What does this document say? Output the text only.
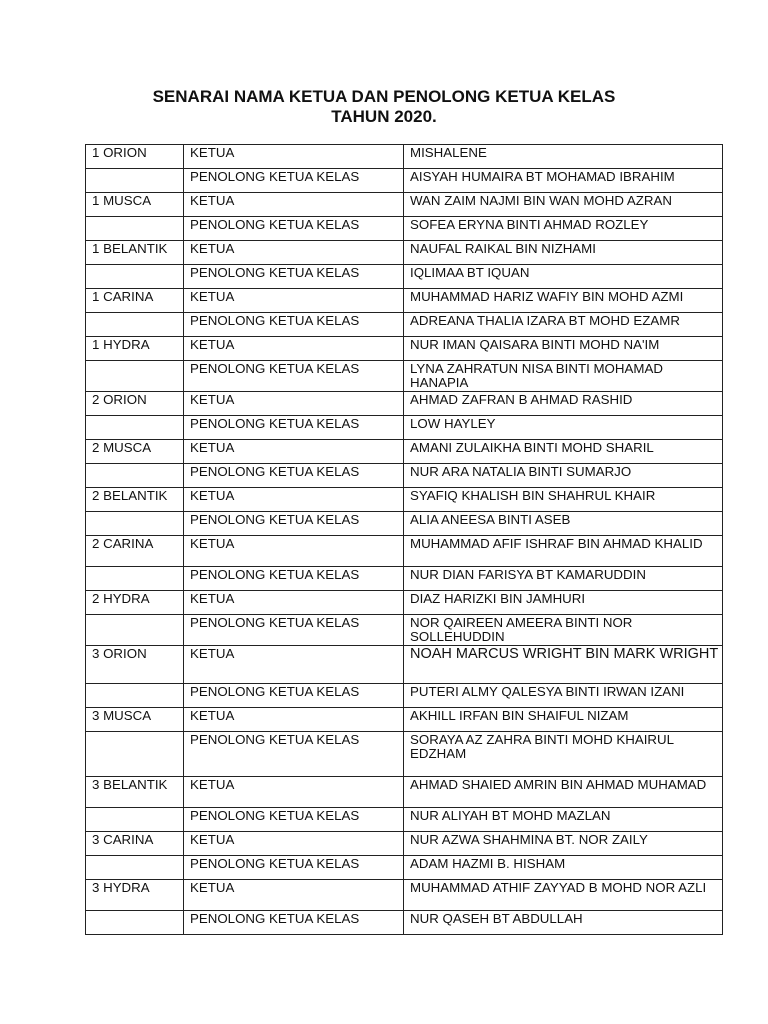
SENARAI NAMA KETUA DAN PENOLONG KETUA KELAS
TAHUN 2020.
1 ORION	KETUA	MISHALENE
	PENOLONG KETUA KELAS	AISYAH HUMAIRA BT MOHAMAD IBRAHIM
1 MUSCA	KETUA	WAN ZAIM NAJMI BIN WAN MOHD AZRAN
	PENOLONG KETUA KELAS	SOFEA ERYNA BINTI AHMAD ROZLEY
1 BELANTIK	KETUA	NAUFAL RAIKAL BIN NIZHAMI
	PENOLONG KETUA KELAS	IQLIMAA BT IQUAN
1 CARINA	KETUA	MUHAMMAD HARIZ WAFIY BIN MOHD AZMI
	PENOLONG KETUA KELAS	ADREANA THALIA IZARA BT MOHD EZAMR
1 HYDRA	KETUA	NUR IMAN QAISARA BINTI MOHD NA'IM
	PENOLONG KETUA KELAS	LYNA ZAHRATUN NISA BINTI MOHAMAD HANAPIA
2 ORION	KETUA	AHMAD ZAFRAN B AHMAD RASHID
	PENOLONG KETUA KELAS	LOW HAYLEY
2 MUSCA	KETUA	AMANI ZULAIKHA BINTI MOHD SHARIL
	PENOLONG KETUA KELAS	NUR ARA NATALIA BINTI SUMARJO
2 BELANTIK	KETUA	SYAFIQ KHALISH BIN SHAHRUL KHAIR
	PENOLONG KETUA KELAS	ALIA ANEESA BINTI ASEB
2 CARINA	KETUA	MUHAMMAD AFIF ISHRAF BIN AHMAD KHALID
	PENOLONG KETUA KELAS	NUR DIAN FARISYA BT KAMARUDDIN
2 HYDRA	KETUA	DIAZ HARIZKI BIN JAMHURI
	PENOLONG KETUA KELAS	NOR QAIREEN AMEERA BINTI NOR SOLLEHUDDIN
3 ORION	KETUA	NOAH MARCUS WRIGHT BIN MARK WRIGHT
	PENOLONG KETUA KELAS	PUTERI ALMY QALESYA BINTI IRWAN IZANI
3 MUSCA	KETUA	AKHILL IRFAN BIN SHAIFUL NIZAM
	PENOLONG KETUA KELAS	SORAYA AZ ZAHRA BINTI MOHD KHAIRUL EDZHAM
3 BELANTIK	KETUA	AHMAD SHAIED AMRIN BIN AHMAD MUHAMAD
	PENOLONG KETUA KELAS	NUR ALIYAH BT MOHD MAZLAN
3 CARINA	KETUA	NUR AZWA SHAHMINA BT. NOR ZAILY
	PENOLONG KETUA KELAS	ADAM HAZMI B. HISHAM
3 HYDRA	KETUA	MUHAMMAD ATHIF ZAYYAD B MOHD NOR AZLI
	PENOLONG KETUA KELAS	NUR QASEH BT ABDULLAH
